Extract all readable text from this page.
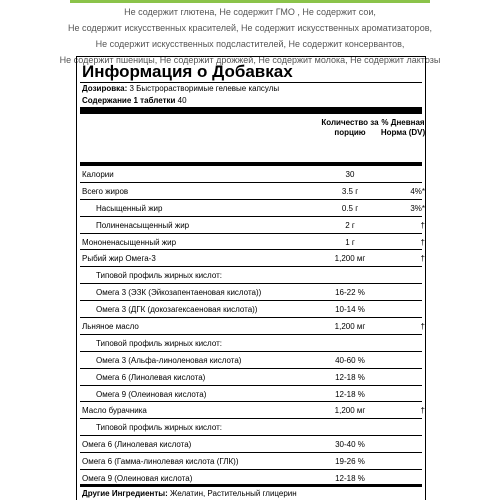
Не содержит глютена, Не содержит ГМО , Не содержит сои,
Не содержит искусственных красителей, Не содержит искусственных ароматизаторов,
Не содержит искусственных подсластителей, Не содержит консервантов,
Не содержит пшеницы, Не содержит дрожжей, Не содержит молока, Не содержит лактозы
Информация о Добавках
Дозировка: 3 Быстрорастворимые гелевые капсулы
Содержание 1 таблетки 40
Количество за порцию
% Дневная Норма (DV)
Калории	30
Всего жиров	3.5 г	4%*
Насыщенный жир	0.5 г	3%*
Полиненасыщенный жир	2 г	†
Мононенасыщенный жир	1 г	†
Рыбий жир Омега-3	1,200 мг	†
Типовой профиль жирных кислот:
Омега 3 (ЭЗК (Эйкозапентаеновая кислота))	16-22 %
Омега 3 (ДГК (докозагексаеновая кислота))	10-14 %
Льняное масло	1,200 мг	†
Типовой профиль жирных кислот:
Омега 3 (Альфа-линоленовая кислота)	40-60 %
Омега 6 (Линолевая кислота)	12-18 %
Омега 9 (Олеиновая кислота)	12-18 %
Масло бурачника	1,200 мг	†
Типовой профиль жирных кислот:
Омега 6 (Линолевая кислота)	30-40 %
Омега 6 (Гамма-линолевая кислота (ГЛК))	19-26 %
Омега 9 (Олеиновая кислота)	12-18 %
Другие Ингредиенты: Желатин, Растительный глицерин
